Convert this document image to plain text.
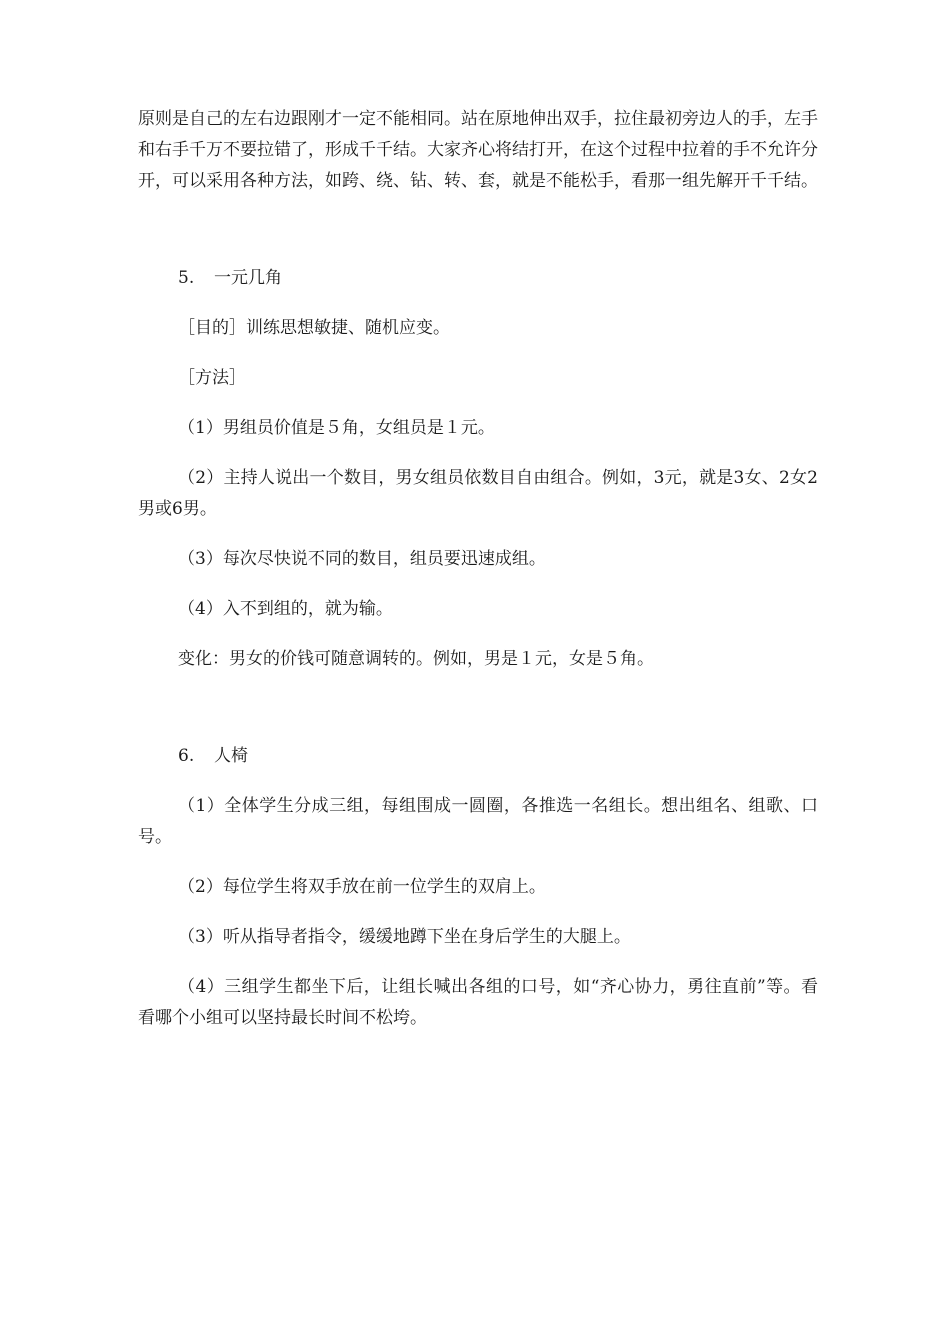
原则是自己的左右边跟刚才一定不能相同。站在原地伸出双手，拉住最初旁边人的手，左手和右手千万不要拉错了，形成千千结。大家齐心将结打开，在这个过程中拉着的手不允许分开，可以采用各种方法，如跨、绕、钻、转、套，就是不能松手，看那一组先解开千千结。

5. 一元几角

［目的］训练思想敏捷、随机应变。

［方法］

（1）男组员价值是５角，女组员是１元。

（2）主持人说出一个数目，男女组员依数目自由组合。例如，3元，就是3女、2女2男或6男。

（3）每次尽快说不同的数目，组员要迅速成组。

（4）入不到组的，就为输。

变化：男女的价钱可随意调转的。例如，男是１元，女是５角。

6. 人椅

（1）全体学生分成三组，每组围成一圆圈，各推选一名组长。想出组名、组歌、口号。

（2）每位学生将双手放在前一位学生的双肩上。

（3）听从指导者指令，缓缓地蹲下坐在身后学生的大腿上。

（4）三组学生都坐下后，让组长喊出各组的口号，如“齐心协力，勇往直前”等。看看哪个小组可以坚持最长时间不松垮。
